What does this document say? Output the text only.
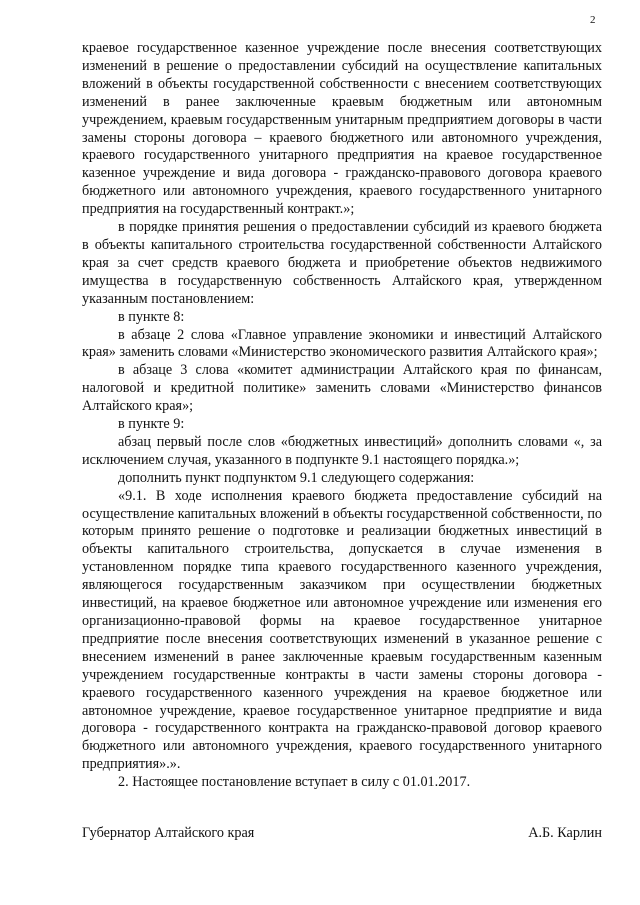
2

краевое государственное казенное учреждение после внесения соответствующих изменений в решение о предоставлении субсидий на осуществление капитальных вложений в объекты государственной собственности с внесением соответствующих изменений в ранее заключенные краевым бюджетным или автономным учреждением, краевым государственным унитарным предприятием договоры в части замены стороны договора – краевого бюджетного или автономного учреждения, краевого государственного унитарного предприятия на краевое государственное казенное учреждение и вида договора - гражданско-правового договора краевого бюджетного или автономного учреждения, краевого государственного унитарного предприятия на государственный контракт.»;

в порядке принятия решения о предоставлении субсидий из краевого бюджета в объекты капитального строительства государственной собственности Алтайского края за счет средств краевого бюджета и приобретение объектов недвижимого имущества в государственную собственность Алтайского края, утвержденном указанным постановлением:

в пункте 8:

в абзаце 2 слова «Главное управление экономики и инвестиций Алтайского края» заменить словами «Министерство экономического развития Алтайского края»;

в абзаце 3 слова «комитет администрации Алтайского края по финансам, налоговой и кредитной политике» заменить словами «Министерство финансов Алтайского края»;

в пункте 9:

абзац первый после слов «бюджетных инвестиций» дополнить словами «, за исключением случая, указанного в подпункте 9.1 настоящего порядка.»;

дополнить пункт подпунктом 9.1 следующего содержания:

«9.1. В ходе исполнения краевого бюджета предоставление субсидий на осуществление капитальных вложений в объекты государственной собственности, по которым принято решение о подготовке и реализации бюджетных инвестиций в объекты капитального строительства, допускается в случае изменения в установленном порядке типа краевого государственного казенного учреждения, являющегося государственным заказчиком при осуществлении бюджетных инвестиций, на краевое бюджетное или автономное учреждение или изменения его организационно-правовой формы на краевое государственное унитарное предприятие после внесения соответствующих изменений в указанное решение с внесением изменений в ранее заключенные краевым государственным казенным учреждением государственные контракты в части замены стороны договора - краевого государственного казенного учреждения на краевое бюджетное или автономное учреждение, краевое государственное унитарное предприятие и вида договора - государственного контракта на гражданско-правовой договор краевого бюджетного или автономного учреждения, краевого государственного унитарного предприятия».».

2. Настоящее постановление вступает в силу с 01.01.2017.

Губернатор Алтайского края	А.Б. Карлин
